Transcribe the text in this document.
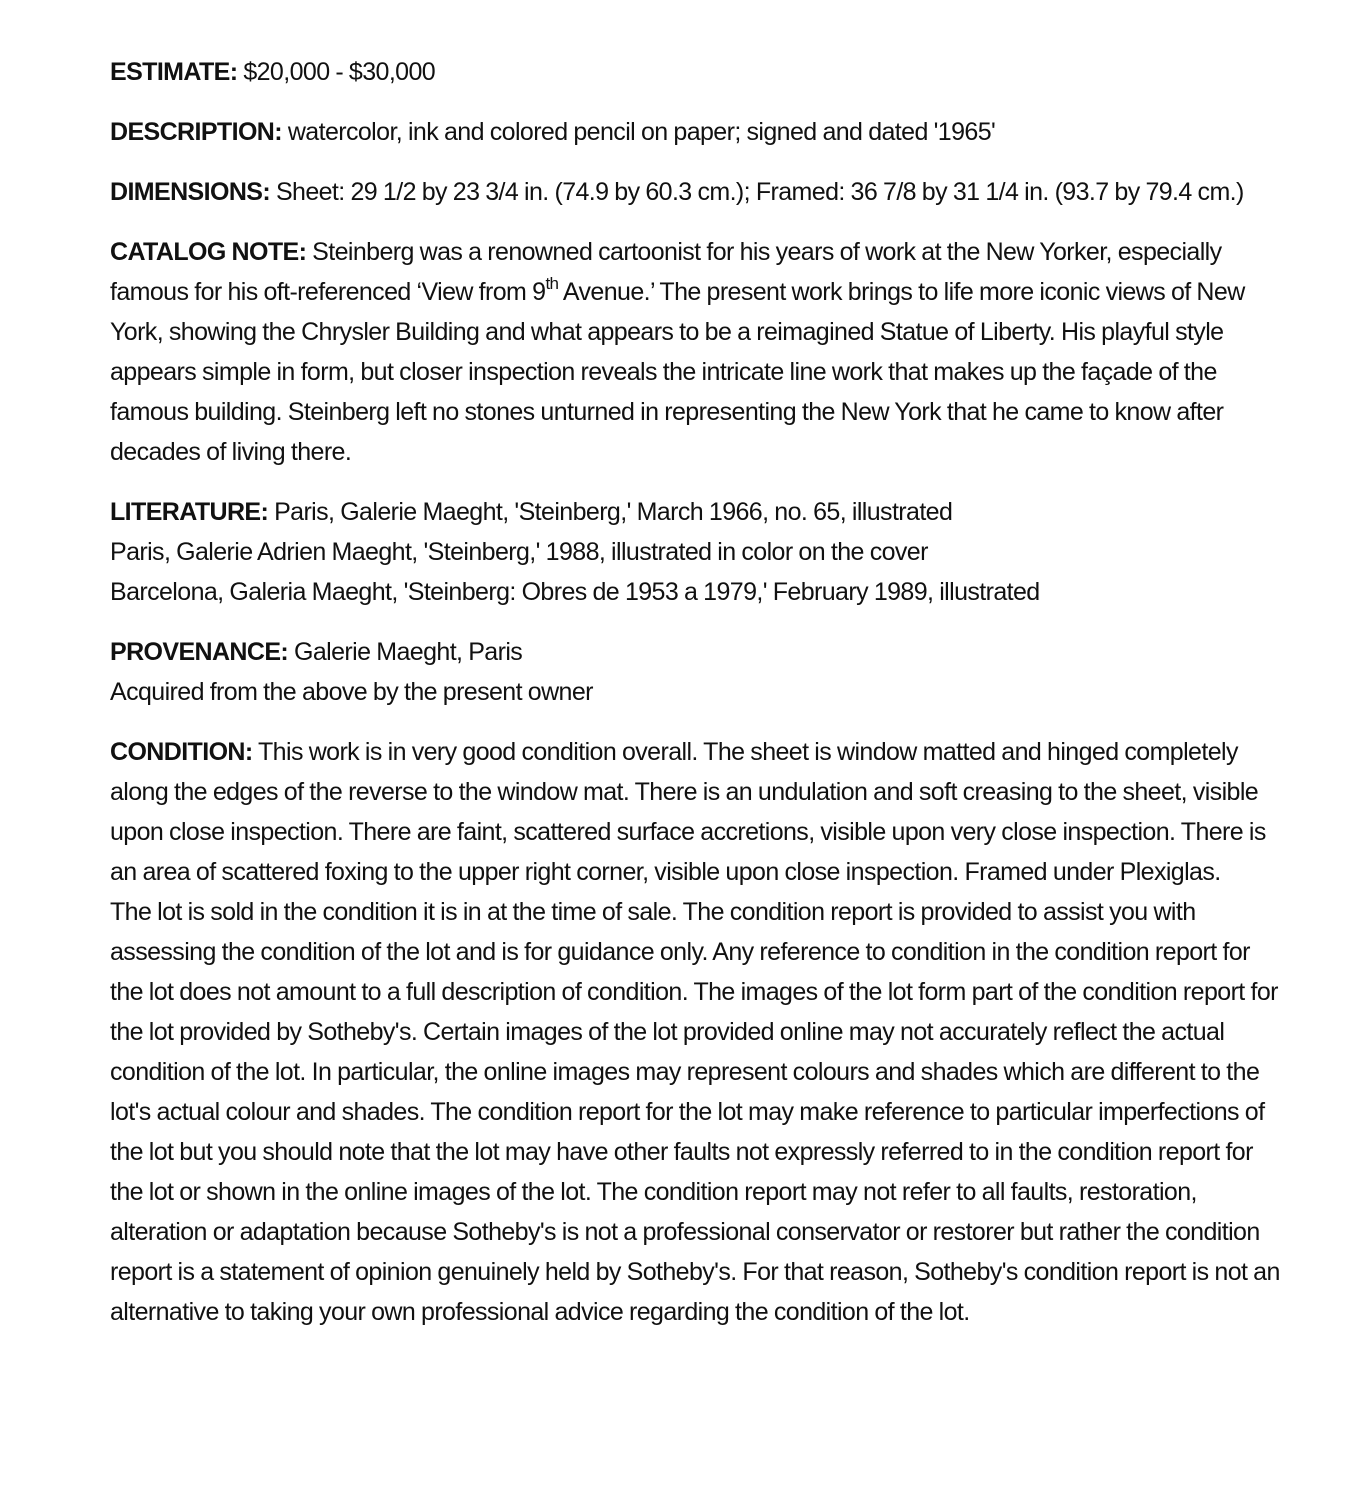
ESTIMATE: $20,000 - $30,000

DESCRIPTION: watercolor, ink and colored pencil on paper; signed and dated '1965'

DIMENSIONS: Sheet: 29 1/2 by 23 3/4 in. (74.9 by 60.3 cm.); Framed: 36 7/8 by 31 1/4 in. (93.7 by 79.4 cm.)

CATALOG NOTE: Steinberg was a renowned cartoonist for his years of work at the New Yorker, especially famous for his oft-referenced ‘View from 9th Avenue.’ The present work brings to life more iconic views of New York, showing the Chrysler Building and what appears to be a reimagined Statue of Liberty. His playful style appears simple in form, but closer inspection reveals the intricate line work that makes up the façade of the famous building. Steinberg left no stones unturned in representing the New York that he came to know after decades of living there.

LITERATURE: Paris, Galerie Maeght, 'Steinberg,' March 1966, no. 65, illustrated
Paris, Galerie Adrien Maeght, 'Steinberg,' 1988, illustrated in color on the cover
Barcelona, Galeria Maeght, 'Steinberg: Obres de 1953 a 1979,' February 1989, illustrated

PROVENANCE: Galerie Maeght, Paris
Acquired from the above by the present owner

CONDITION: This work is in very good condition overall. The sheet is window matted and hinged completely along the edges of the reverse to the window mat. There is an undulation and soft creasing to the sheet, visible upon close inspection. There are faint, scattered surface accretions, visible upon very close inspection. There is an area of scattered foxing to the upper right corner, visible upon close inspection. Framed under Plexiglas.
The lot is sold in the condition it is in at the time of sale. The condition report is provided to assist you with assessing the condition of the lot and is for guidance only. Any reference to condition in the condition report for the lot does not amount to a full description of condition. The images of the lot form part of the condition report for the lot provided by Sotheby's. Certain images of the lot provided online may not accurately reflect the actual condition of the lot. In particular, the online images may represent colours and shades which are different to the lot's actual colour and shades. The condition report for the lot may make reference to particular imperfections of the lot but you should note that the lot may have other faults not expressly referred to in the condition report for the lot or shown in the online images of the lot. The condition report may not refer to all faults, restoration, alteration or adaptation because Sotheby's is not a professional conservator or restorer but rather the condition report is a statement of opinion genuinely held by Sotheby's. For that reason, Sotheby's condition report is not an alternative to taking your own professional advice regarding the condition of the lot.
